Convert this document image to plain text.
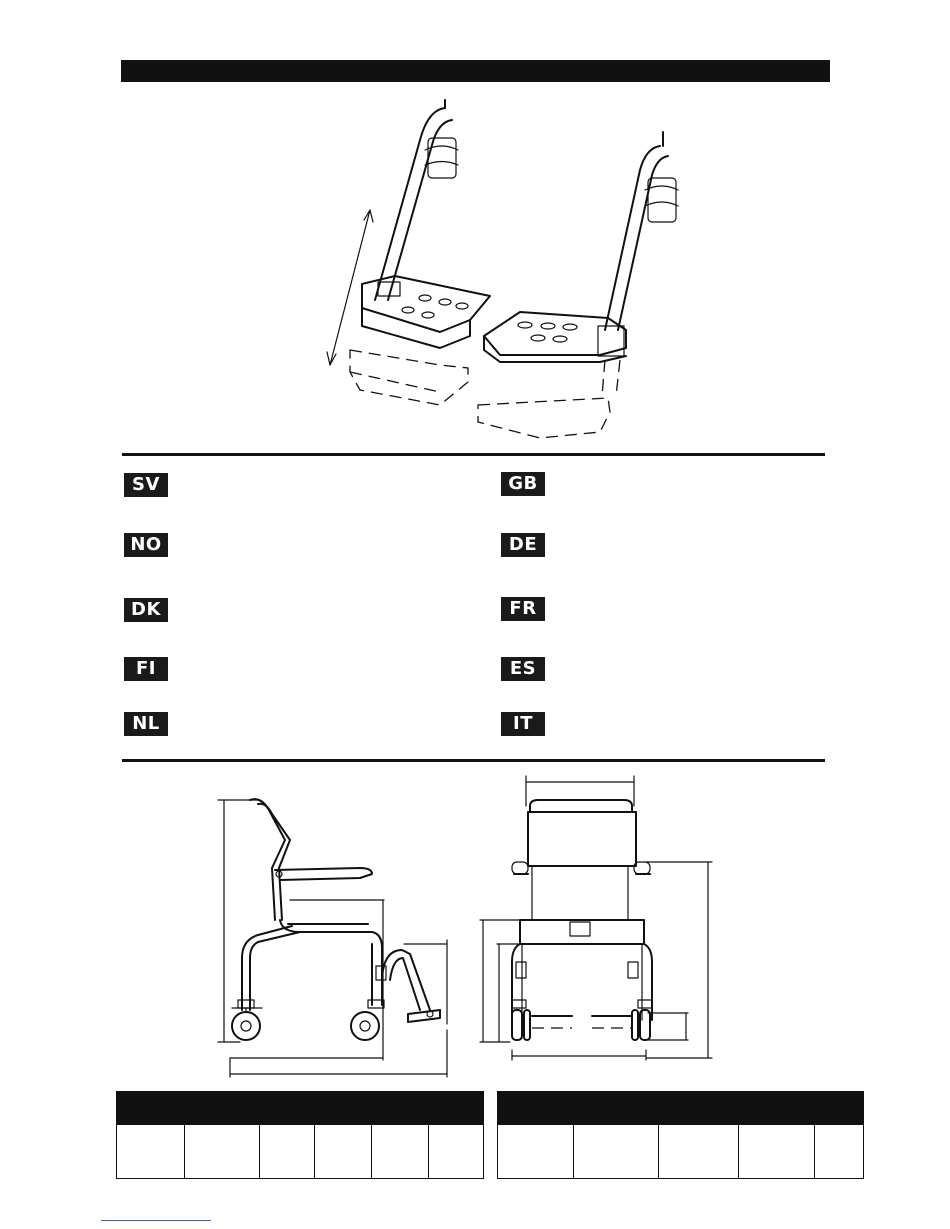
SV
NO
DK
FI
NL
GB
DE
FR
ES
IT
